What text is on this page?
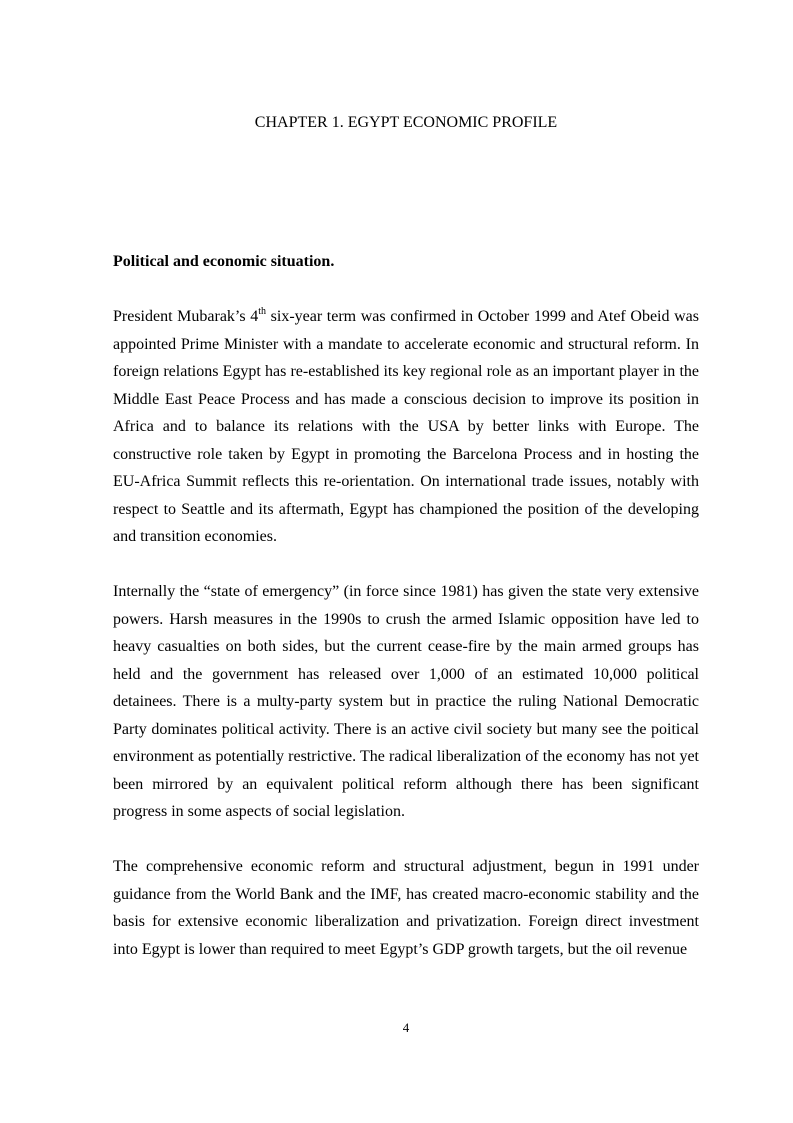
CHAPTER 1. EGYPT ECONOMIC PROFILE
Political and economic situation.

President Mubarak’s 4th six-year term was confirmed in October 1999 and Atef Obeid was appointed Prime Minister with a mandate to accelerate economic and structural reform. In foreign relations Egypt has re-established its key regional role as an important player in the Middle East Peace Process and has made a conscious decision to improve its position in Africa and to balance its relations with the USA by better links with Europe. The constructive role taken by Egypt in promoting the Barcelona Process and in hosting the EU-Africa Summit reflects this re-orientation. On international trade issues, notably with respect to Seattle and its aftermath, Egypt has championed the position of the developing and transition economies.

Internally the “state of emergency” (in force since 1981) has given the state very extensive powers. Harsh measures in the 1990s to crush the armed Islamic opposition have led to heavy casualties on both sides, but the current cease-fire by the main armed groups has held and the government has released over 1,000 of an estimated 10,000 political detainees. There is a multy-party system but in practice the ruling National Democratic Party dominates political activity. There is an active civil society but many see the poitical environment as potentially restrictive. The radical liberalization of the economy has not yet been mirrored by an equivalent political reform although there has been significant progress in some aspects of social legislation.

The comprehensive economic reform and structural adjustment, begun in 1991 under guidance from the World Bank and the IMF, has created macro-economic stability and the basis for extensive economic liberalization and privatization. Foreign direct investment into Egypt is lower than required to meet Egypt’s GDP growth targets, but the oil revenue

4
